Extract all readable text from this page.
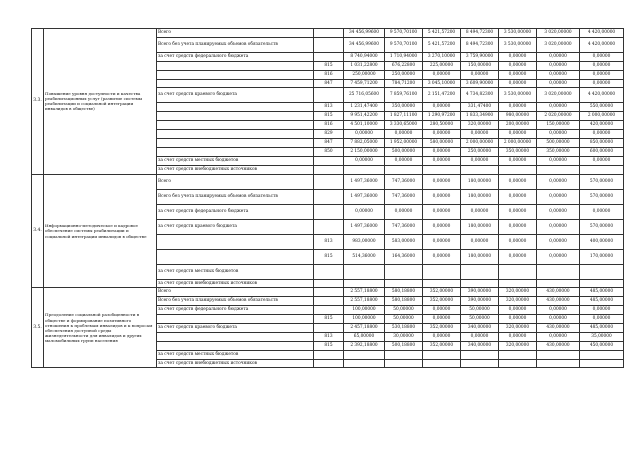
3.3.	Повышение уровня доступности и качества реабилитационных услуг (развитие системы реабилитации и социальной интеграции инвалидов в обществе)	Всего		34 456,99600	9 570,70100	5 421,57200	8 494,72300	3 530,00000	3 020,00000	4 420,00000
		Всего без учета планируемых объемов обязательств		34 456,99600	9 570,70100	5 421,57200	8 494,72300	3 530,00000	3 020,00000	4 420,00000
		за счет средств федерального бюджета		8 740,94000	1 710,94000	3 270,10000	3 759,90000	0,00000	0,00000	0,00000
			815	1 031,22800	676,22800	225,00000	150,00000	0,00000	0,00000	0,00000
			816	250,00000	250,00000	0,00000	0,00000	0,00000	0,00000	0,00000
			847	7 459,71200	784,71200	3 045,10000	3 609,90000	0,00000	0,00000	0,00000
		за счет средств краевого бюджета		25 716,05600	7 859,76100	2 151,47200	4 734,82300	3 530,00000	3 020,00000	4 420,00000
			813	1 231,47400	350,00000	0,00000	331,47400	0,00000	0,00000	550,00000
			815	9 951,42200	1 827,11100	1 290,97200	1 833,34900	980,00000	2 020,00000	2 000,00000
			816	4 501,10000	3 330,65000	280,50000	320,00000	200,00000	150,00000	420,00000
			829	0,00000	0,00000	0,00000	0,00000	0,00000	0,00000	0,00000
			847	7 882,05000	1 952,00000	580,00000	2 000,00000	2 000,00000	500,00000	850,00000
			850	2 150,00000	500,00000	0,00000	250,00000	350,00000	350,00000	600,00000
		за счет средств местных бюджетов		0,00000	0,00000	0,00000	0,00000	0,00000	0,00000	0,00000
		за счет средств внебюджетных источников								
3.4.	Информационно-методическое и кадровое обеспечение системы реабилитации и социальной интеграции инвалидов в обществе	Всего		1 497,36000	747,36000	0,00000	180,00000	0,00000	0,00000	570,00000
		Всего без учета планируемых объемов обязательств		1 497,36000	747,36000	0,00000	180,00000	0,00000	0,00000	570,00000
		за счет средств федерального бюджета		0,00000	0,00000	0,00000	0,00000	0,00000	0,00000	0,00000
		за счет средств краевого бюджета		1 497,36000	747,36000	0,00000	180,00000	0,00000	0,00000	570,00000
			813	983,00000	583,00000	0,00000	0,00000	0,00000	0,00000	400,00000
			815	514,36000	164,36000	0,00000	180,00000	0,00000	0,00000	170,00000
		за счет средств местных бюджетов								
		за счет средств внебюджетных источников								
3.5.	Преодоление социальной разобщенности в обществе и формирование позитивного отношения к проблемам инвалидов и к вопросам обеспечения доступной среды жизнедеятельности для инвалидов и других маломобильных групп населения	Всего		2 557,18800	580,18800	352,00000	390,00000	320,00000	430,00000	485,00000
		Всего без учета планируемых объемов обязательств		2 557,18800	580,18800	352,00000	390,00000	320,00000	430,00000	485,00000
		за счет средств федерального бюджета		100,00000	50,00000	0,00000	50,00000	0,00000	0,00000	0,00000
			815	100,00000	50,00000	0,00000	50,00000	0,00000	0,00000	0,00000
		за счет средств краевого бюджета		2 457,18800	530,18800	352,00000	340,00000	320,00000	430,00000	485,00000
			813	65,00000	30,00000	0,00000	0,00000	0,00000	0,00000	35,00000
			815	2 392,18800	500,18800	352,00000	340,00000	320,00000	430,00000	450,00000
		за счет средств местных бюджетов								
		за счет средств внебюджетных источников								
